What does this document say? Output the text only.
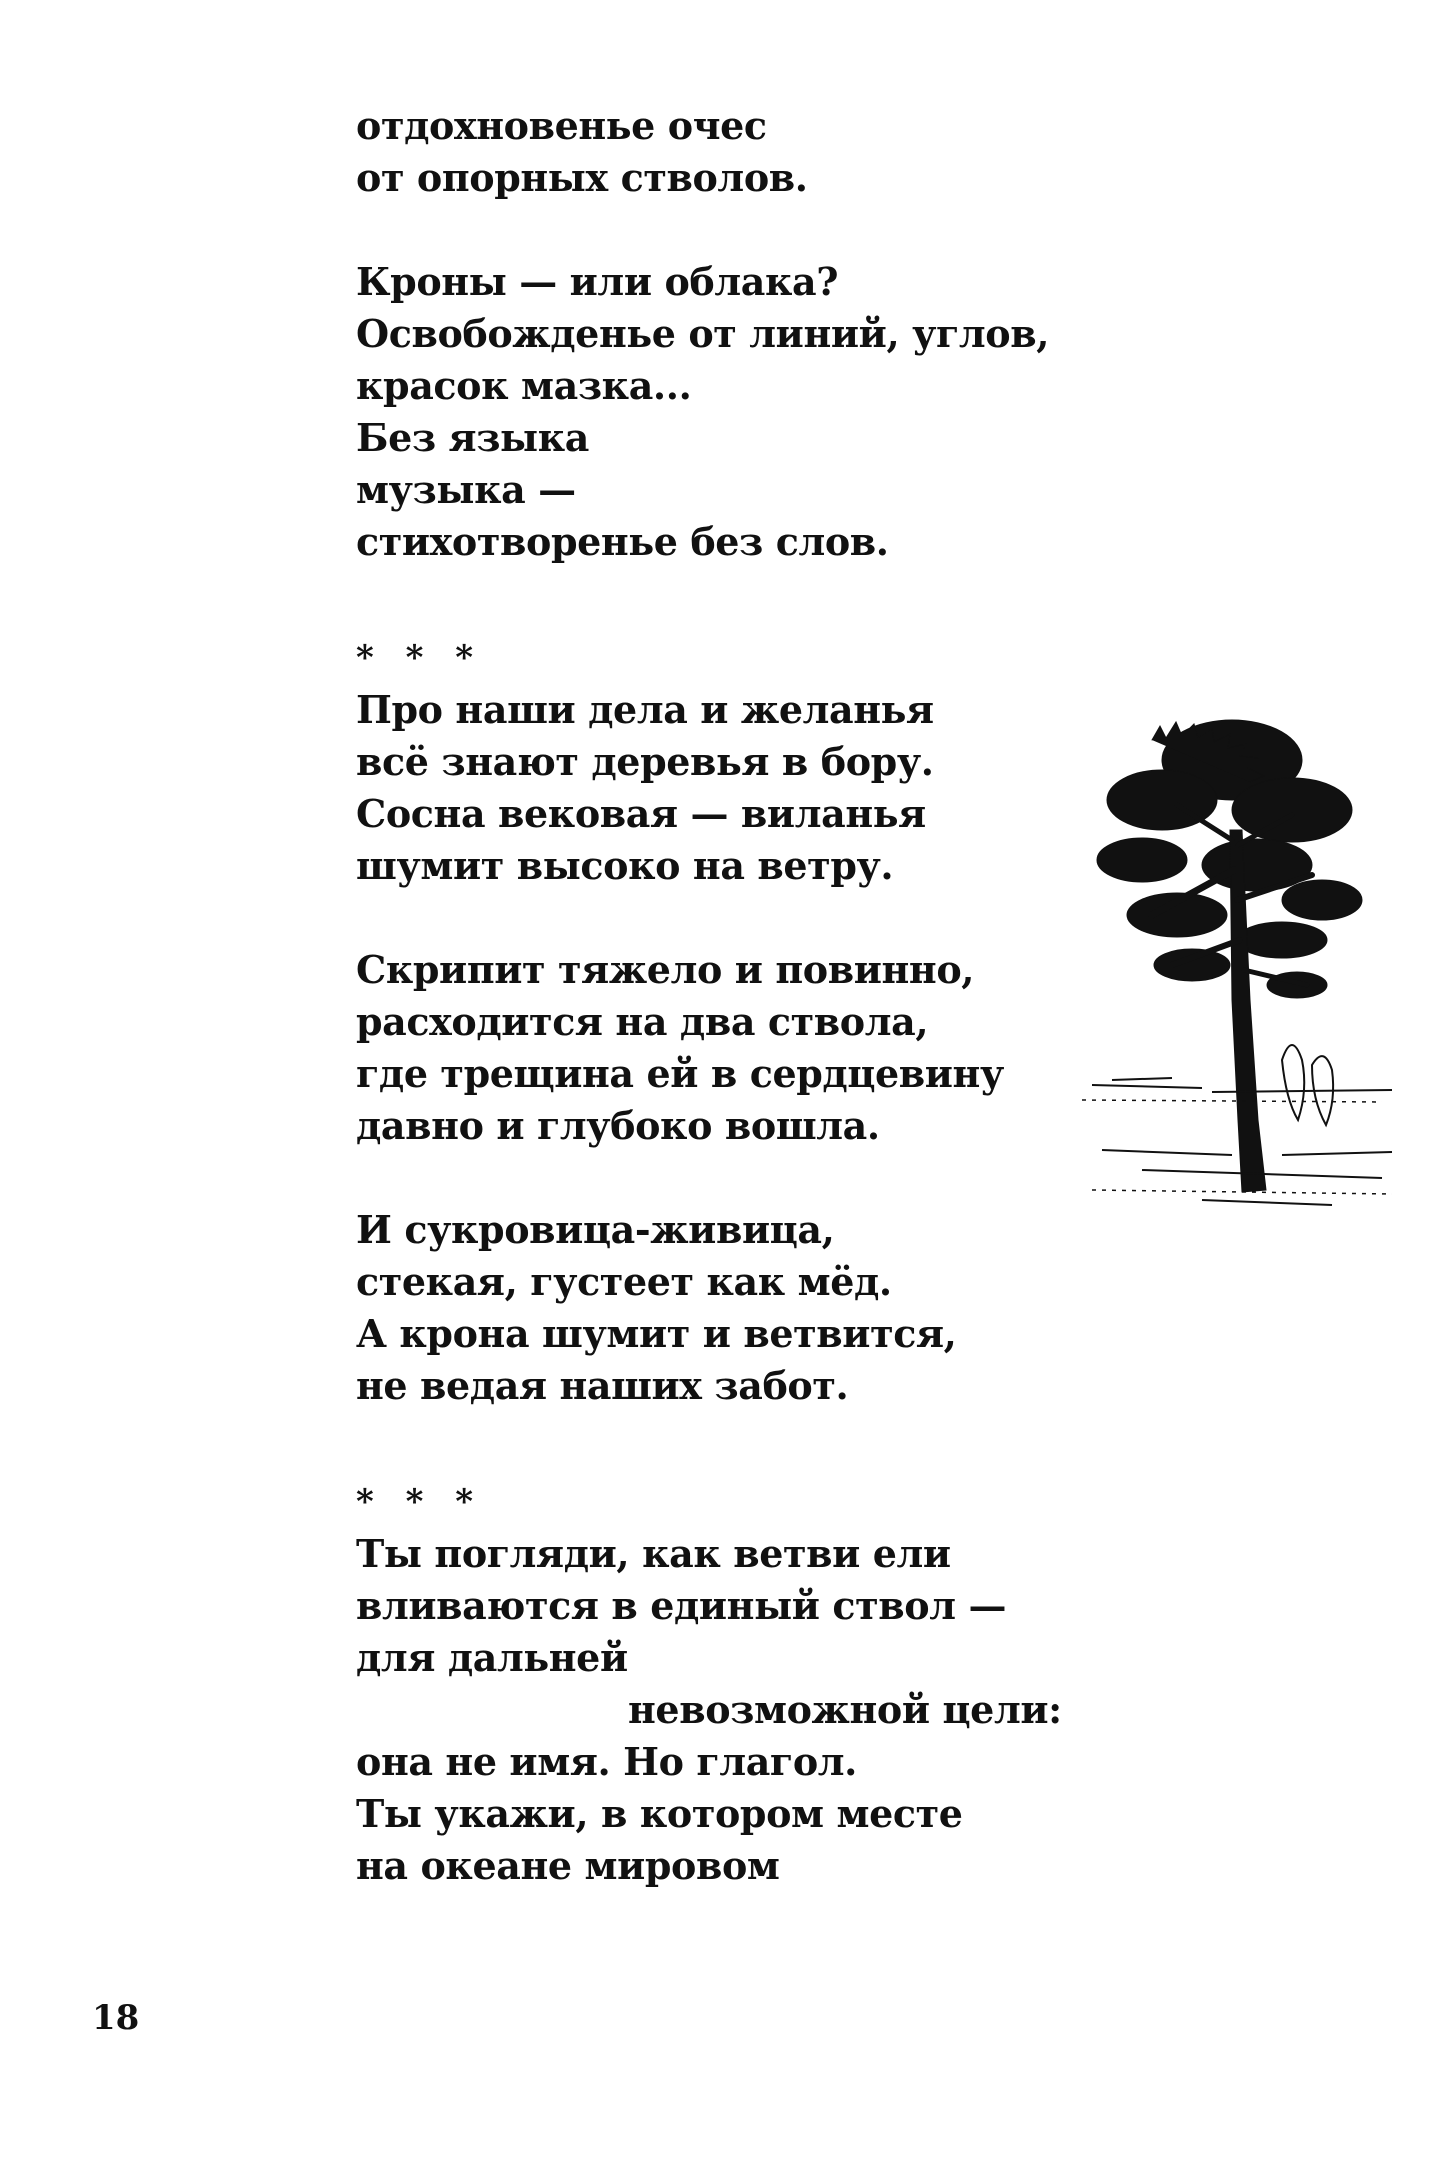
отдохновенье очес
от опорных стволов.
Кроны — или облака?
Освобожденье от линий, углов,
красок мазка...
Без языка
музыка —
стихотворенье без слов.
* * *
Про наши дела и желанья
всё знают деревья в бору.
Сосна вековая — виланья
шумит высоко на ветру.
Скрипит тяжело и повинно,
расходится на два ствола,
где трещина ей в сердцевину
давно и глубоко вошла.
И сукровица-живица,
стекая, густеет как мёд.
А крона шумит и ветвится,
не ведая наших забот.
* * *
Ты погляди, как ветви ели
вливаются в единый ствол —
для дальней
невозможной цели:
она не имя. Но глагол.
Ты укажи, в котором месте
на океане мировом
18
